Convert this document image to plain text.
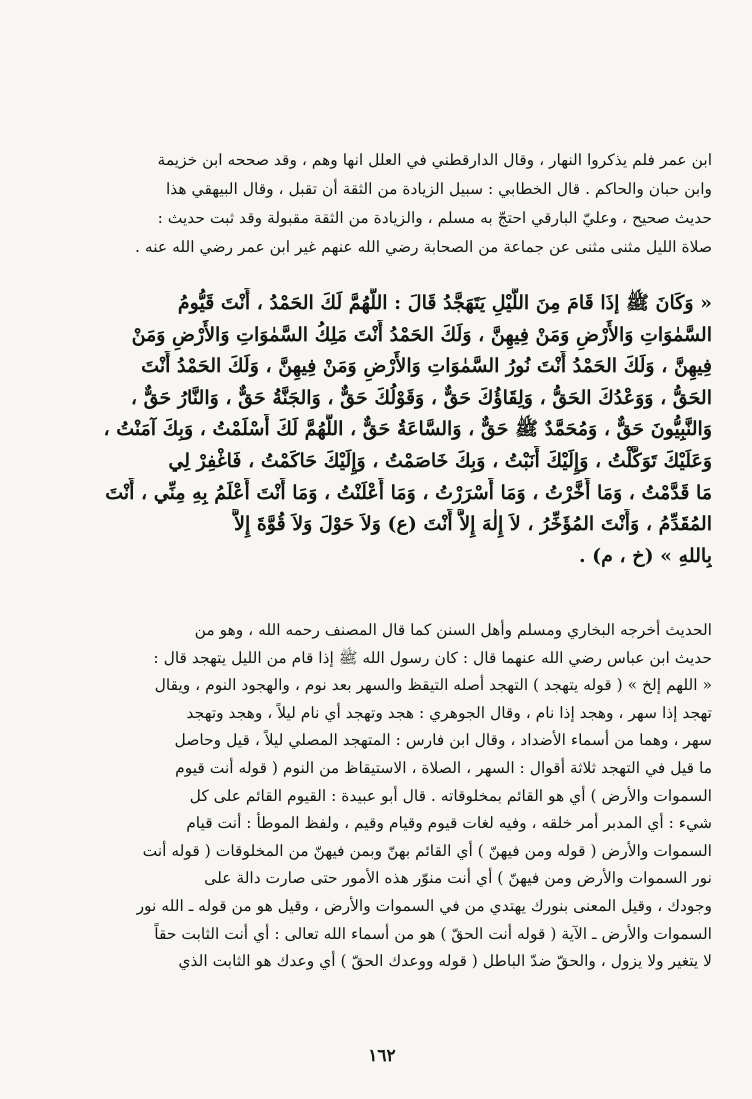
ابن عمر فلم يذكروا النهار ، وقال الدارقطني في العلل انها وهم ، وقد صححه ابن خزيمة
وابن حبان والحاكم . قال الخطابي : سبيل الزيادة من الثقة أن تقبل ، وقال البيهقي هذا
حديث صحيح ، وعليّ البارقي احتجّ به مسلم ، والزيادة من الثقة مقبولة وقد ثبت حديث :
صلاة الليل مثنى مثنى عن جماعة من الصحابة رضي الله عنهم غير ابن عمر رضي الله عنه .
« وَكَانَ ﷺ إذَا قَامَ مِنَ اللَّيْلِ يَتَهَجَّدُ قَالَ : اللَّهُمَّ لَكَ الحَمْدُ ، أَنْتَ قَيُّومُ
السَّمٰوَاتِ وَالأَرْضِ وَمَنْ فِيهِنَّ ، وَلَكَ الحَمْدُ أَنْتَ مَلِكُ السَّمٰوَاتِ وَالأَرْضِ وَمَنْ
فِيهِنَّ ، وَلَكَ الحَمْدُ أَنْتَ نُورُ السَّمٰوَاتِ وَالأَرْضِ وَمَنْ فِيهِنَّ ، وَلَكَ الحَمْدُ أَنْتَ
الحَقُّ ، وَوَعْدُكَ الحَقُّ ، وَلِقَاؤُكَ حَقٌّ ، وَقَوْلُكَ حَقٌّ ، وَالجَنَّةُ حَقٌّ ، وَالنَّارُ حَقٌّ ،
وَالنَّبِيُّونَ حَقٌّ ، وَمُحَمَّدٌ ﷺ حَقٌّ ، وَالسَّاعَةُ حَقٌّ ، اللَّهُمَّ لَكَ أَسْلَمْتُ ، وَبِكَ آمَنْتُ ،
وَعَلَيْكَ تَوَكَّلْتُ ، وَإِلَيْكَ أَنَبْتُ ، وَبِكَ خَاصَمْتُ ، وَإِلَيْكَ حَاكَمْتُ ، فَاغْفِرْ لِي
مَا قَدَّمْتُ ، وَمَا أَخَّرْتُ ، وَمَا أَسْرَرْتُ ، وَمَا أَعْلَنْتُ ، وَمَا أَنْتَ أَعْلَمُ بِهِ مِنِّي ، أَنْتَ
المُقَدِّمُ ، وَأَنْتَ المُؤَخِّرُ ، لاَ إِلٰهَ إِلاَّ أَنْتَ (ع) وَلاَ حَوْلَ وَلاَ قُوَّةَ إِلاَّ
بِاللهِ » (خ ، م) .
الحديث أخرجه البخاري ومسلم وأهل السنن كما قال المصنف رحمه الله ، وهو من
حديث ابن عباس رضي الله عنهما قال : كان رسول الله ﷺ إذا قام من الليل يتهجد قال :
« اللهم إلخ » ( قوله يتهجد ) التهجد أصله التيقظ والسهر بعد نوم ، والهجود النوم ، ويقال
تهجد إذا سهر ، وهجد إذا نام ، وقال الجوهري : هجد وتهجد أي نام ليلاً ، وهجد وتهجد
سهر ، وهما من أسماء الأضداد ، وقال ابن فارس : المتهجد المصلي ليلاً ، قيل وحاصل
ما قيل في التهجد ثلاثة أقوال : السهر ، الصلاة ، الاستيقاظ من النوم ( قوله أنت قيوم
السموات والأرض ) أي هو القائم بمخلوقاته . قال أبو عبيدة : القيوم القائم على كل
شيء : أي المدبر أمر خلقه ، وفيه لغات قيوم وقيام وقيم ، ولفظ الموطأ : أنت قيام
السموات والأرض ( قوله ومن فيهنّ ) أي القائم بهنّ وبمن فيهنّ من المخلوقات ( قوله أنت
نور السموات والأرض ومن فيهنّ ) أي أنت منوّر هذه الأمور حتى صارت دالة على
وجودك ، وقيل المعنى بنورك يهتدي من في السموات والأرض ، وقيل هو من قوله ـ الله نور
السموات والأرض ـ الآية ( قوله أنت الحقّ ) هو من أسماء الله تعالى : أي أنت الثابت حقاً
لا يتغير ولا يزول ، والحقّ ضدّ الباطل ( قوله ووعدك الحقّ ) أي وعدك هو الثابت الذي
١٦٢
